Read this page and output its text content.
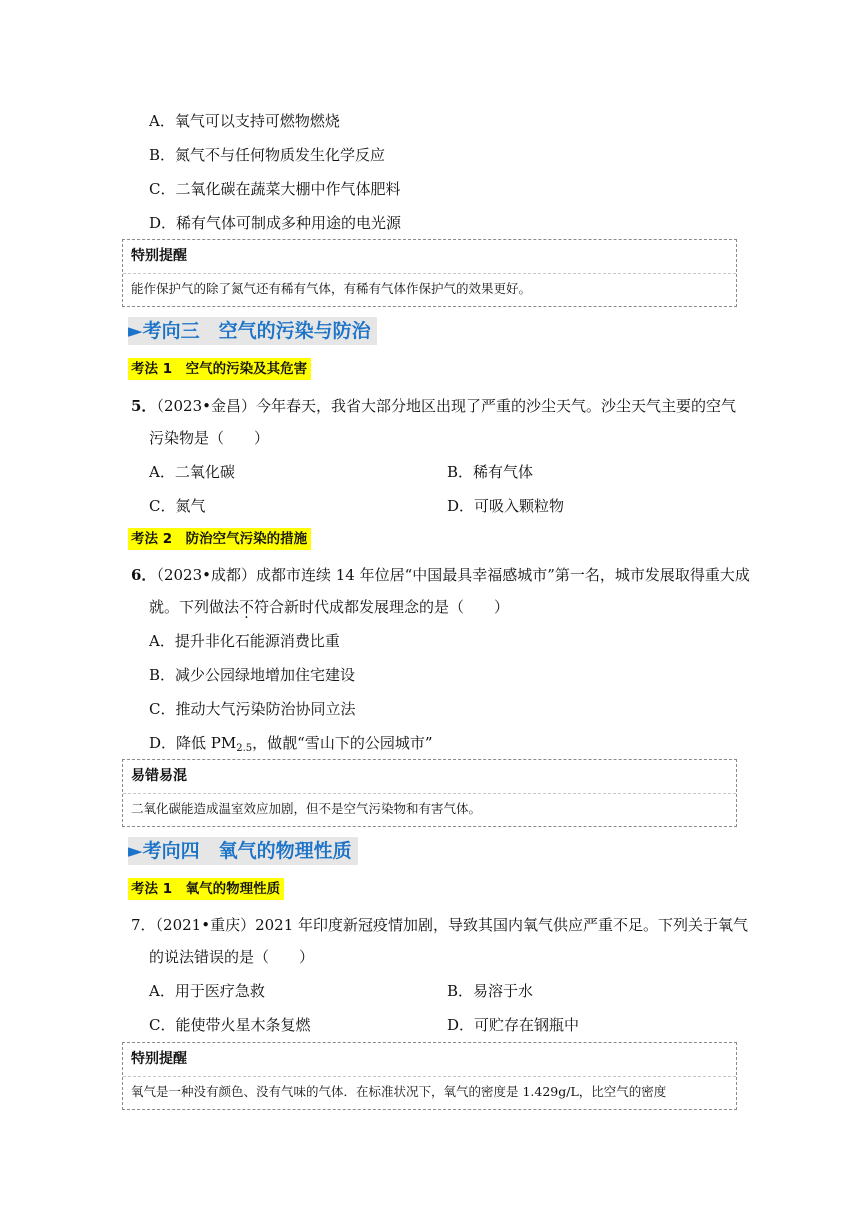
A．氧气可以支持可燃物燃烧
B．氮气不与任何物质发生化学反应
C．二氧化碳在蔬菜大棚中作气体肥料
D．稀有气体可制成多种用途的电光源
特别提醒
能作保护气的除了氮气还有稀有气体，有稀有气体作保护气的效果更好。
►考向三　空气的污染与防治
考法 1　空气的污染及其危害
5．（2023•金昌）今年春天，我省大部分地区出现了严重的沙尘天气。沙尘天气主要的空气
污染物是（　　）
A．二氧化碳	B．稀有气体
C．氮气	D．可吸入颗粒物
考法 2　防治空气污染的措施
6．（2023•成都）成都市连续 14 年位居“中国最具幸福感城市”第一名，城市发展取得重大成
就。下列做法不符合新时代成都发展理念的是（　　）
A．提升非化石能源消费比重
B．减少公园绿地增加住宅建设
C．推动大气污染防治协同立法
D．降低 $PM_{2.5}$，做靓“雪山下的公园城市”
易错易混
二氧化碳能造成温室效应加剧，但不是空气污染物和有害气体。
►考向四　氧气的物理性质
考法 1　氧气的物理性质
7．（2021•重庆）2021 年印度新冠疫情加剧，导致其国内氧气供应严重不足。下列关于氧气
的说法错误的是（　　）
A．用于医疗急救	B．易溶于水
C．能使带火星木条复燃	D．可贮存在钢瓶中
特别提醒
氧气是一种没有颜色、没有气味的气体．在标准状况下，氧气的密度是 1.429g/L，比空气的密度
